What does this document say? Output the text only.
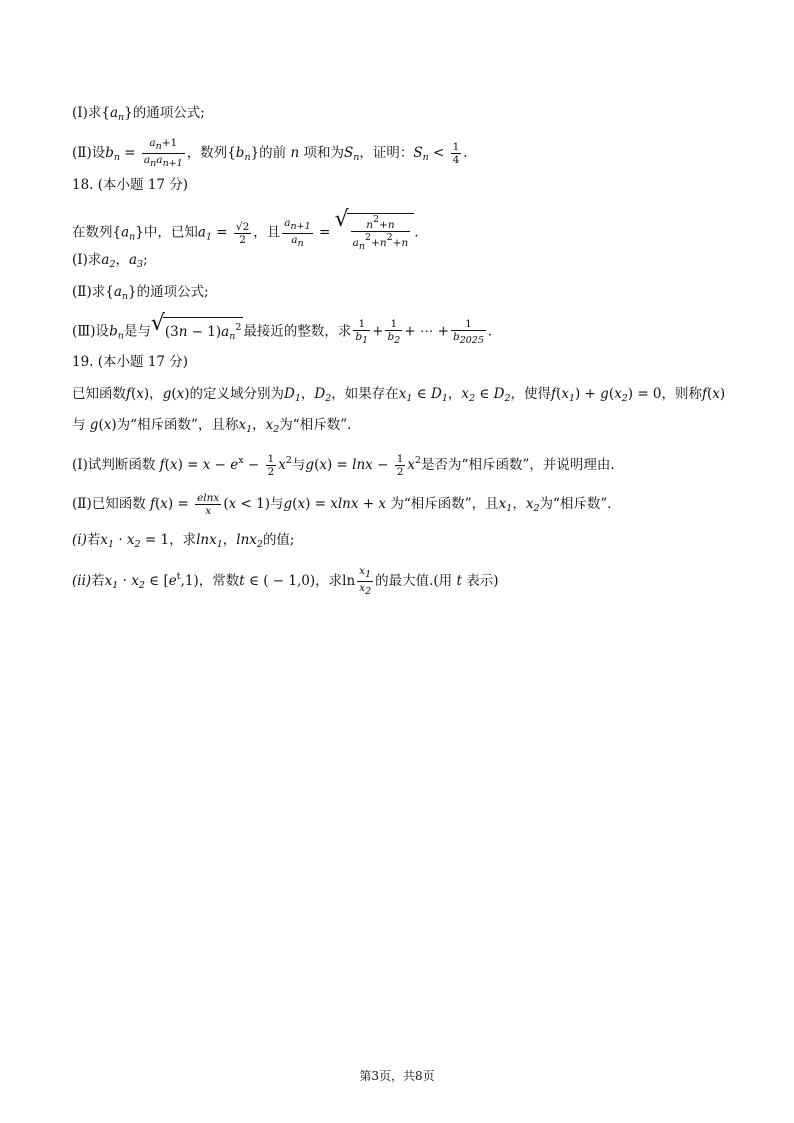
(Ⅰ)求$\{a_n\}$的通项公式;
(Ⅱ)设$b_n = \frac{an+1}{\text{anan+1}}$ ，数列$\{b_n\}$的前 n 项和为$S_n$，证明：$S_n < \frac{1}{4}$ .
18. (本小题 17 分)
在数列$\{a_n\}$中，已知$a_1 = \frac{√2}{2}$ ，且 $\frac{an+1}{an}$ =
√ $\frac{n2+n}{an2+n2+n}$ .
(Ⅰ)求$a_2$，$a_3$;
(Ⅱ)求$\{a_n\}$的通项公式;
(Ⅲ)设$b_n$是与 √ $(3n - 1)a_n^2$ 最接近的整数，求 $\frac{1}{b1} + \frac{1}{b2}$ + ⋯ + $\frac{1}{b2025}$ .
19. (本小题 17 分)
已知函数f(x)，g(x)的定义域分别为$D_1$，$D_2$，如果存在$x_1$ ∈ $D_1$，$x_2$ ∈ $D_2$，使得$f(x_1) + g(x_2) = 0$，则称f(x)
与 g(x)为“相斥函数”，且称$x_1$，$x_2$为“相斥数”．
(Ⅰ)试判断函数 $f(x) = x - e^x - \frac{1}{2} x^2$与$g(x) = \ln x - \frac{1}{2} x^2$是否为“相斥函数”，并说明理由.
(Ⅱ)已知函数 $f(x) = \frac{elnx}{x} (x < 1)$与g(x) = xlnx + x 为“相斥函数”，且$x_1$，$x_2$为“相斥数”．
(i)若$x_1 \cdot x_2 = 1$，求lnx$_1$，lnx$_2$的值;
(ii)若$x_1 \cdot x_2$ ∈ $[e^t,1)$，常数t ∈ ( − 1,0)，求$\ln \frac{x1}{x2}$ 的最大值.(用 t 表示)
第3页，共8页
